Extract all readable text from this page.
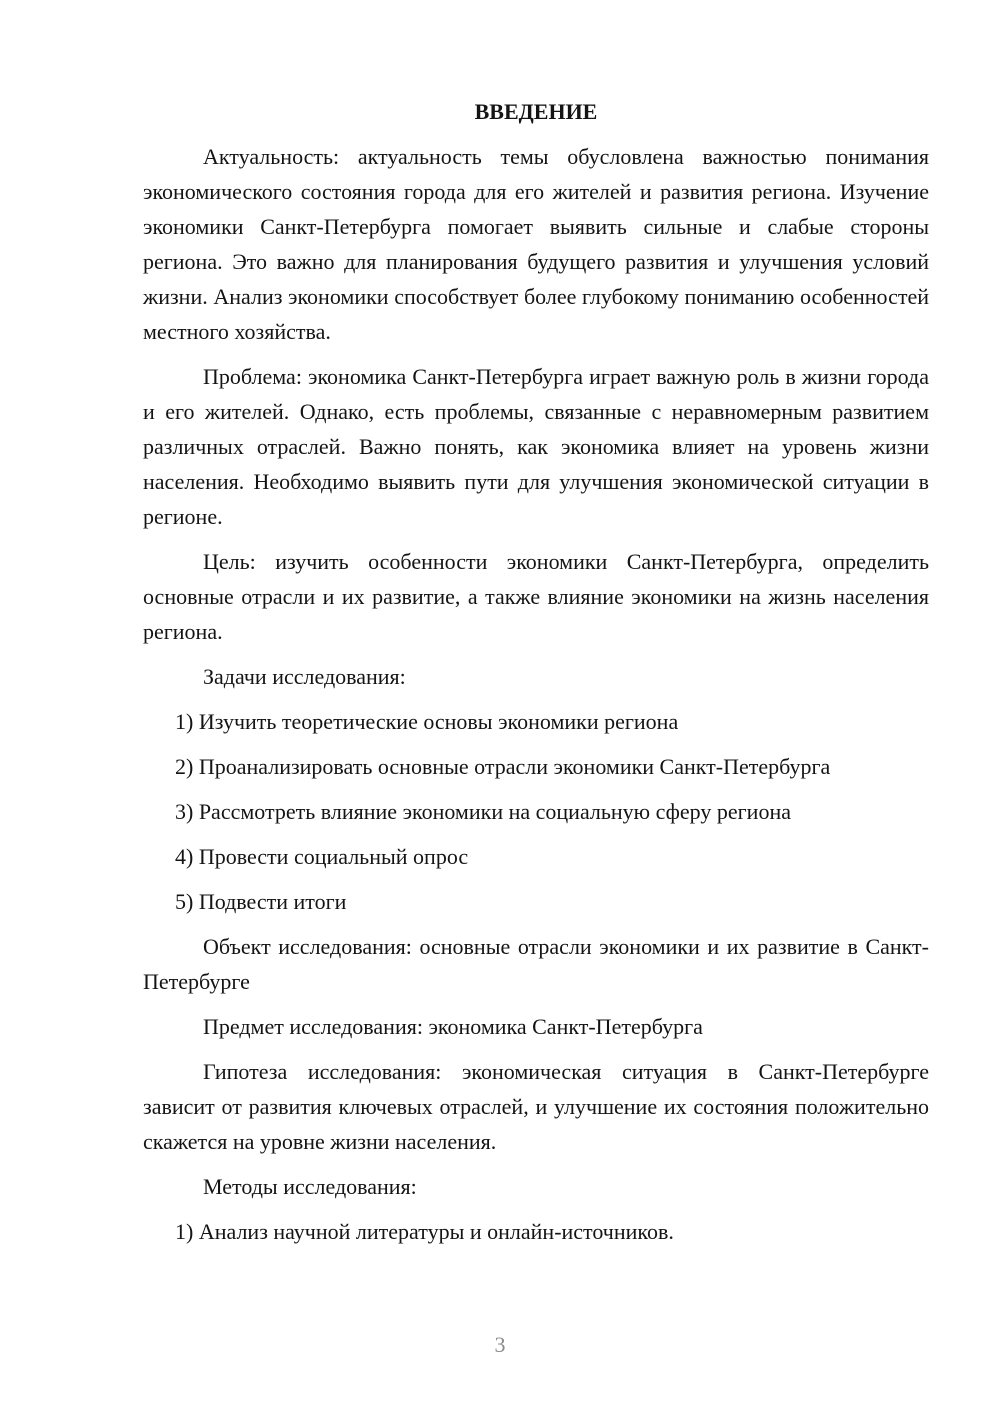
ВВЕДЕНИЕ

Актуальность: актуальность темы обусловлена важностью понимания экономического состояния города для его жителей и развития региона. Изучение экономики Санкт-Петербурга помогает выявить сильные и слабые стороны региона. Это важно для планирования будущего развития и улучшения условий жизни. Анализ экономики способствует более глубокому пониманию особенностей местного хозяйства.

Проблема: экономика Санкт-Петербурга играет важную роль в жизни города и его жителей. Однако, есть проблемы, связанные с неравномерным развитием различных отраслей. Важно понять, как экономика влияет на уровень жизни населения. Необходимо выявить пути для улучшения экономической ситуации в регионе.

Цель: изучить особенности экономики Санкт-Петербурга, определить основные отрасли и их развитие, а также влияние экономики на жизнь населения региона.

Задачи исследования:

1) Изучить теоретические основы экономики региона
2) Проанализировать основные отрасли экономики Санкт-Петербурга
3) Рассмотреть влияние экономики на социальную сферу региона
4) Провести социальный опрос
5) Подвести итоги

Объект исследования: основные отрасли экономики и их развитие в Санкт-Петербурге

Предмет исследования: экономика Санкт-Петербурга

Гипотеза исследования: экономическая ситуация в Санкт-Петербурге зависит от развития ключевых отраслей, и улучшение их состояния положительно скажется на уровне жизни населения.

Методы исследования:

1) Анализ научной литературы и онлайн-источников.
3
